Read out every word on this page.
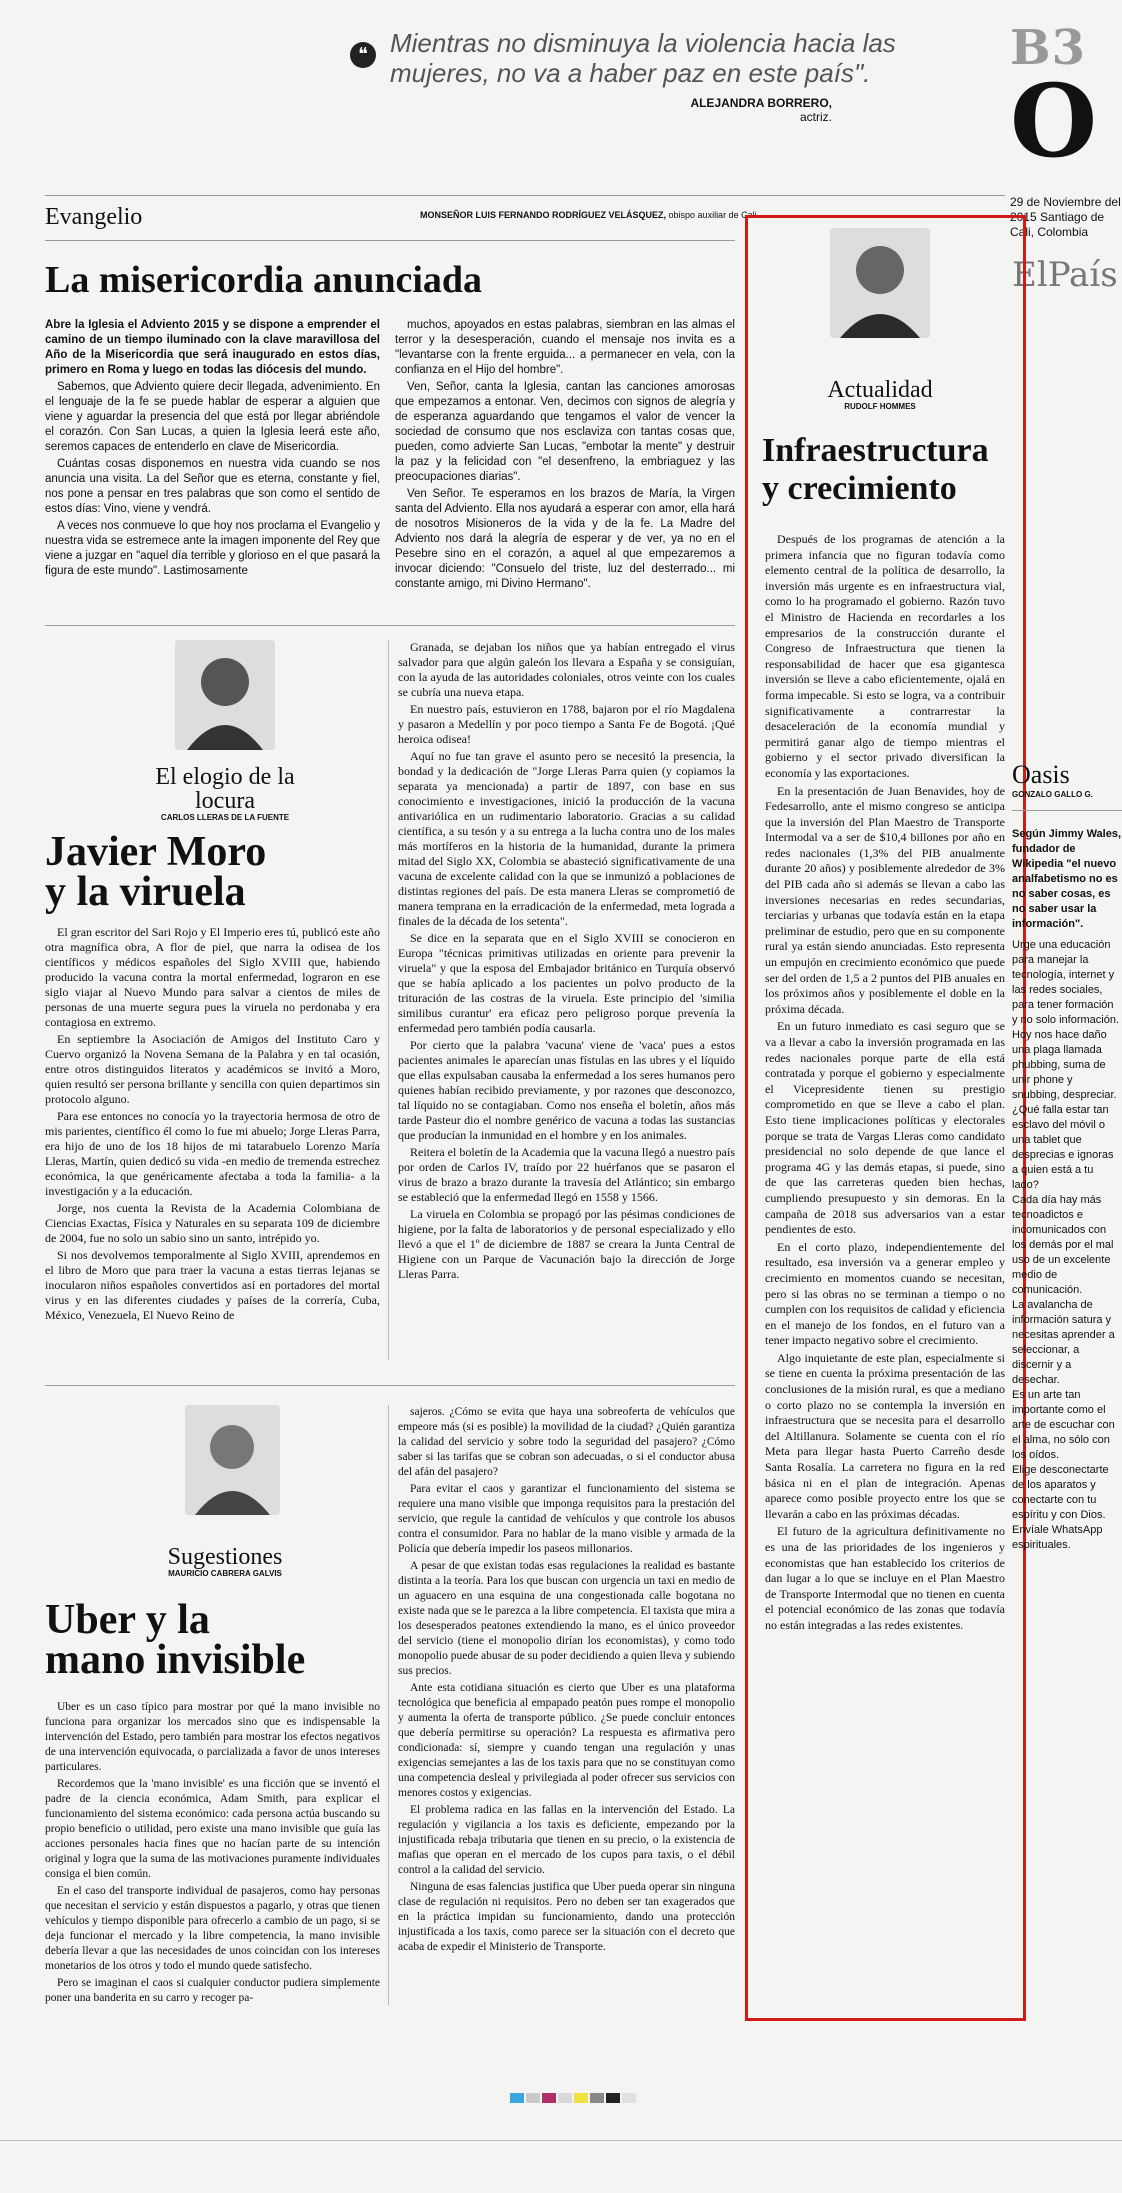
❝ Mientras no disminuya la violencia hacia las mujeres, no va a haber paz en este país".
ALEJANDRA BORRERO,
actriz.
B3
O
29 de Noviembre del 2015 Santiago de Cali, Colombia
ElPaís
Evangelio	MONSEÑOR LUIS FERNANDO RODRÍGUEZ VELÁSQUEZ, obispo auxiliar de Cali
La misericordia anunciada

Abre la Iglesia el Adviento 2015 y se dispone a emprender el camino de un tiempo iluminado con la clave maravillosa del Año de la Misericordia que será inaugurado en estos días, primero en Roma y luego en todas las diócesis del mundo.

Sabemos, que Adviento quiere decir llegada, advenimiento. En el lenguaje de la fe se puede hablar de esperar a alguien que viene y aguardar la presencia del que está por llegar abriéndole el corazón. Con San Lucas, a quien la Iglesia leerá este año, seremos capaces de entenderlo en clave de Misericordia.

Cuántas cosas disponemos en nuestra vida cuando se nos anuncia una visita. La del Señor que es eterna, constante y fiel, nos pone a pensar en tres palabras que son como el sentido de estos días: Vino, viene y vendrá.

A veces nos conmueve lo que hoy nos proclama el Evangelio y nuestra vida se estremece ante la imagen imponente del Rey que viene a juzgar en "aquel día terrible y glorioso en el que pasará la figura de este mundo". Lastimosamente

muchos, apoyados en estas palabras, siembran en las almas el terror y la desesperación, cuando el mensaje nos invita es a "levantarse con la frente erguida... a permanecer en vela, con la confianza en el Hijo del hombre".

Ven, Señor, canta la Iglesia, cantan las canciones amorosas que empezamos a entonar. Ven, decimos con signos de alegría y de esperanza aguardando que tengamos el valor de vencer la sociedad de consumo que nos esclaviza con tantas cosas que, pueden, como advierte San Lucas, "embotar la mente" y destruir la paz y la felicidad con "el desenfreno, la embriaguez y las preocupaciones diarias".

Ven Señor. Te esperamos en los brazos de María, la Virgen santa del Adviento. Ella nos ayudará a esperar con amor, ella hará de nosotros Misioneros de la vida y de la fe. La Madre del Adviento nos dará la alegría de esperar y de ver, ya no en el Pesebre sino en el corazón, a aquel al que empezaremos a invocar diciendo: "Consuelo del triste, luz del desterrado... mi constante amigo, mi Divino Hermano".

El elogio de la locura
CARLOS LLERAS DE LA FUENTE
Javier Moro
y la viruela

El gran escritor del Sari Rojo y El Imperio eres tú, publicó este año otra magnífica obra, A flor de piel, que narra la odisea de los científicos y médicos españoles del Siglo XVIII que, habiendo producido la vacuna contra la mortal enfermedad, lograron en ese siglo viajar al Nuevo Mundo para salvar a cientos de miles de personas de una muerte segura pues la viruela no perdonaba y era contagiosa en extremo.

En septiembre la Asociación de Amigos del Instituto Caro y Cuervo organizó la Novena Semana de la Palabra y en tal ocasión, entre otros distinguidos literatos y académicos se invitó a Moro, quien resultó ser persona brillante y sencilla con quien departimos sin protocolo alguno.

Para ese entonces no conocía yo la trayectoria hermosa de otro de mis parientes, científico él como lo fue mi abuelo; Jorge Lleras Parra, era hijo de uno de los 18 hijos de mi tatarabuelo Lorenzo María Lleras, Martín, quien dedicó su vida -en medio de tremenda estrechez económica, la que genéricamente afectaba a toda la familia- a la investigación y a la educación.

Jorge, nos cuenta la Revista de la Academia Colombiana de Ciencias Exactas, Física y Naturales en su separata 109 de diciembre de 2004, fue no solo un sabio sino un santo, intrépido yo.

Si nos devolvemos temporalmente al Siglo XVIII, aprendemos en el libro de Moro que para traer la vacuna a estas tierras lejanas se inocularon niños españoles convertidos así en portadores del mortal virus y en las diferentes ciudades y países de la correría, Cuba, México, Venezuela, El Nuevo Reino de

Granada, se dejaban los niños que ya habían entregado el virus salvador para que algún galeón los llevara a España y se consiguían, con la ayuda de las autoridades coloniales, otros veinte con los cuales se cubría una nueva etapa.

En nuestro país, estuvieron en 1788, bajaron por el río Magdalena y pasaron a Medellín y por poco tiempo a Santa Fe de Bogotá. ¡Qué heroica odisea!

Aquí no fue tan grave el asunto pero se necesitó la presencia, la bondad y la dedicación de "Jorge Lleras Parra quien (y copiamos la separata ya mencionada) a partir de 1897, con base en sus conocimiento e investigaciones, inició la producción de la vacuna antivariólica en un rudimentario laboratorio. Gracias a su calidad científica, a su tesón y a su entrega a la lucha contra uno de los males más mortíferos en la historia de la humanidad, durante la primera mitad del Siglo XX, Colombia se abasteció significativamente de una vacuna de excelente calidad con la que se inmunizó a poblaciones de distintas regiones del país. De esta manera Lleras se comprometió de manera temprana en la erradicación de la enfermedad, meta lograda a finales de la década de los setenta".

Se dice en la separata que en el Siglo XVIII se conocieron en Europa "técnicas primitivas utilizadas en oriente para prevenir la viruela" y que la esposa del Embajador británico en Turquía observó que se había aplicado a los pacientes un polvo producto de la trituración de las costras de la viruela. Este principio del 'similia similibus curantur' era eficaz pero peligroso porque prevenía la enfermedad pero también podía causarla.

Por cierto que la palabra 'vacuna' viene de 'vaca' pues a estos pacientes animales le aparecían unas fístulas en las ubres y el líquido que ellas expulsaban causaba la enfermedad a los seres humanos pero quienes habían recibido previamente, y por razones que desconozco, tal líquido no se contagiaban. Como nos enseña el boletín, años más tarde Pasteur dio el nombre genérico de vacuna a todas las sustancias que producían la inmunidad en el hombre y en los animales.

Reitera el boletín de la Academia que la vacuna llegó a nuestro país por orden de Carlos IV, traído por 22 huérfanos que se pasaron el virus de brazo a brazo durante la travesía del Atlántico; sin embargo se estableció que la enfermedad llegó en 1558 y 1566.

La viruela en Colombia se propagó por las pésimas condiciones de higiene, por la falta de laboratorios y de personal especializado y ello llevó a que el 1º de diciembre de 1887 se creara la Junta Central de Higiene con un Parque de Vacunación bajo la dirección de Jorge Lleras Parra.

Sugestiones
MAURICIO CABRERA GALVIS
Uber y la
mano invisible

Uber es un caso típico para mostrar por qué la mano invisible no funciona para organizar los mercados sino que es indispensable la intervención del Estado, pero también para mostrar los efectos negativos de una intervención equivocada, o parcializada a favor de unos intereses particulares.

Recordemos que la 'mano invisible' es una ficción que se inventó el padre de la ciencia económica, Adam Smith, para explicar el funcionamiento del sistema económico: cada persona actúa buscando su propio beneficio o utilidad, pero existe una mano invisible que guía las acciones personales hacia fines que no hacían parte de su intención original y logra que la suma de las motivaciones puramente individuales consiga el bien común.

En el caso del transporte individual de pasajeros, como hay personas que necesitan el servicio y están dispuestos a pagarlo, y otras que tienen vehículos y tiempo disponible para ofrecerlo a cambio de un pago, si se deja funcionar el mercado y la libre competencia, la mano invisible debería llevar a que las necesidades de unos coincidan con los intereses monetarios de los otros y todo el mundo quede satisfecho.

Pero se imaginan el caos si cualquier conductor pudiera simplemente poner una banderita en su carro y recoger pa-

sajeros. ¿Cómo se evita que haya una sobreoferta de vehículos que empeore más (si es posible) la movilidad de la ciudad? ¿Quién garantiza la calidad del servicio y sobre todo la seguridad del pasajero? ¿Cómo saber si las tarifas que se cobran son adecuadas, o si el conductor abusa del afán del pasajero?

Para evitar el caos y garantizar el funcionamiento del sistema se requiere una mano visible que imponga requisitos para la prestación del servicio, que regule la cantidad de vehículos y que controle los abusos contra el consumidor. Para no hablar de la mano visible y armada de la Policía que debería impedir los paseos millonarios.

A pesar de que existan todas esas regulaciones la realidad es bastante distinta a la teoría. Para los que buscan con urgencia un taxi en medio de un aguacero en una esquina de una congestionada calle bogotana no existe nada que se le parezca a la libre competencia. El taxista que mira a los desesperados peatones extendiendo la mano, es el único proveedor del servicio (tiene el monopolio dirían los economistas), y como todo monopolio puede abusar de su poder decidiendo a quien lleva y subiendo sus precios.

Ante esta cotidiana situación es cierto que Uber es una plataforma tecnológica que beneficia al empapado peatón pues rompe el monopolio y aumenta la oferta de transporte público. ¿Se puede concluir entonces que debería permitirse su operación? La respuesta es afirmativa pero condicionada: sí, siempre y cuando tengan una regulación y unas exigencias semejantes a las de los taxis para que no se constituyan como una competencia desleal y privilegiada al poder ofrecer sus servicios con menores costos y exigencias.

El problema radica en las fallas en la intervención del Estado. La regulación y vigilancia a los taxis es deficiente, empezando por la injustificada rebaja tributaria que tienen en su precio, o la existencia de mafias que operan en el mercado de los cupos para taxis, o el débil control a la calidad del servicio.

Ninguna de esas falencias justifica que Uber pueda operar sin ninguna clase de regulación ni requisitos. Pero no deben ser tan exagerados que en la práctica impidan su funcionamiento, dando una protección injustificada a los taxis, como parece ser la situación con el decreto que acaba de expedir el Ministerio de Transporte.

Actualidad
RUDOLF HOMMES
Infraestructura
y crecimiento

Después de los programas de atención a la primera infancia que no figuran todavía como elemento central de la política de desarrollo, la inversión más urgente es en infraestructura vial, como lo ha programado el gobierno. Razón tuvo el Ministro de Hacienda en recordarles a los empresarios de la construcción durante el Congreso de Infraestructura que tienen la responsabilidad de hacer que esa gigantesca inversión se lleve a cabo eficientemente, ojalá en forma impecable. Si esto se logra, va a contribuir significativamente a contrarrestar la desaceleración de la economía mundial y permitirá ganar algo de tiempo mientras el gobierno y el sector privado diversifican la economía y las exportaciones.

En la presentación de Juan Benavides, hoy de Fedesarrollo, ante el mismo congreso se anticipa que la inversión del Plan Maestro de Transporte Intermodal va a ser de $10,4 billones por año en redes nacionales (1,3% del PIB anualmente durante 20 años) y posiblemente alrededor de 3% del PIB cada año si además se llevan a cabo las inversiones necesarias en redes secundarias, terciarias y urbanas que todavía están en la etapa preliminar de estudio, pero que en su componente rural ya están siendo anunciadas. Esto representa un empujón en crecimiento económico que puede ser del orden de 1,5 a 2 puntos del PIB anuales en los próximos años y posiblemente el doble en la próxima década.

En un futuro inmediato es casi seguro que se va a llevar a cabo la inversión programada en las redes nacionales porque parte de ella está contratada y porque el gobierno y especialmente el Vicepresidente tienen su prestigio comprometido en que se lleve a cabo el plan. Esto tiene implicaciones políticas y electorales porque se trata de Vargas Lleras como candidato presidencial no solo depende de que lance el programa 4G y las demás etapas, si puede, sino de que las carreteras queden bien hechas, cumpliendo presupuesto y sin demoras. En la campaña de 2018 sus adversarios van a estar pendientes de esto.

En el corto plazo, independientemente del resultado, esa inversión va a generar empleo y crecimiento en momentos cuando se necesitan, pero si las obras no se terminan a tiempo o no cumplen con los requisitos de calidad y eficiencia en el manejo de los fondos, en el futuro van a tener impacto negativo sobre el crecimiento.

Algo inquietante de este plan, especialmente si se tiene en cuenta la próxima presentación de las conclusiones de la misión rural, es que a mediano o corto plazo no se contempla la inversión en infraestructura que se necesita para el desarrollo del Altillanura. Solamente se cuenta con el río Meta para llegar hasta Puerto Carreño desde Santa Rosalía. La carretera no figura en la red básica ni en el plan de integración. Apenas aparece como posible proyecto entre los que se llevarán a cabo en las próximas décadas.

El futuro de la agricultura definitivamente no es una de las prioridades de los ingenieros y economistas que han establecido los criterios de dan lugar a lo que se incluye en el Plan Maestro de Transporte Intermodal que no tienen en cuenta el potencial económico de las zonas que todavía no están integradas a las redes existentes.

Oasis
GONZALO GALLO G.
Según Jimmy Wales, fundador de Wikipedia "el nuevo analfabetismo no es no saber cosas, es no saber usar la información".
Urge una educación para manejar la tecnología, internet y las redes sociales, para tener formación y no solo información.
Hoy nos hace daño una plaga llamada phubbing, suma de unir phone y snubbing, despreciar.
¿Qué falla estar tan esclavo del móvil o una tablet que desprecias e ignoras a quien está a tu lado?
Cada día hay más tecnoadictos e incomunicados con los demás por el mal uso de un excelente medio de comunicación.
La avalancha de información satura y necesitas aprender a seleccionar, a discernir y a desechar.
Es un arte tan importante como el arte de escuchar con el alma, no sólo con los oídos.
Elige desconectarte de los aparatos y conectarte con tu espíritu y con Dios. Envíale WhatsApp espirituales.
